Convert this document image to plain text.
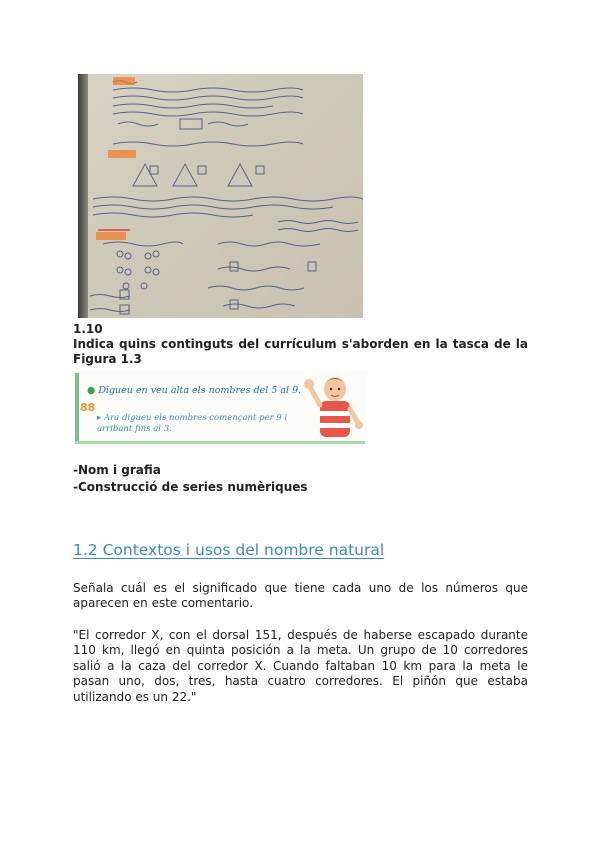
1.10
Indica quins continguts del currículum s'aborden en la tasca de la Figura 1.3
● Digueu en veu alta els nombres del 5 al 9.
88
▸ Ara digueu els nombres començant per 9 i arribant fins al 3.
-Nom i grafia
-Construcció de series numèriques
1.2 Contextos i usos del nombre natural
Señala cuál es el significado que tiene cada uno de los números que aparecen en este comentario.
"El corredor X, con el dorsal 151, después de haberse escapado durante 110 km, llegó en quinta posición a la meta. Un grupo de 10 corredores salió a la caza del corredor X. Cuando faltaban 10 km para la meta le pasan uno, dos, tres, hasta cuatro corredores. El piñón que estaba utilizando es un 22."
